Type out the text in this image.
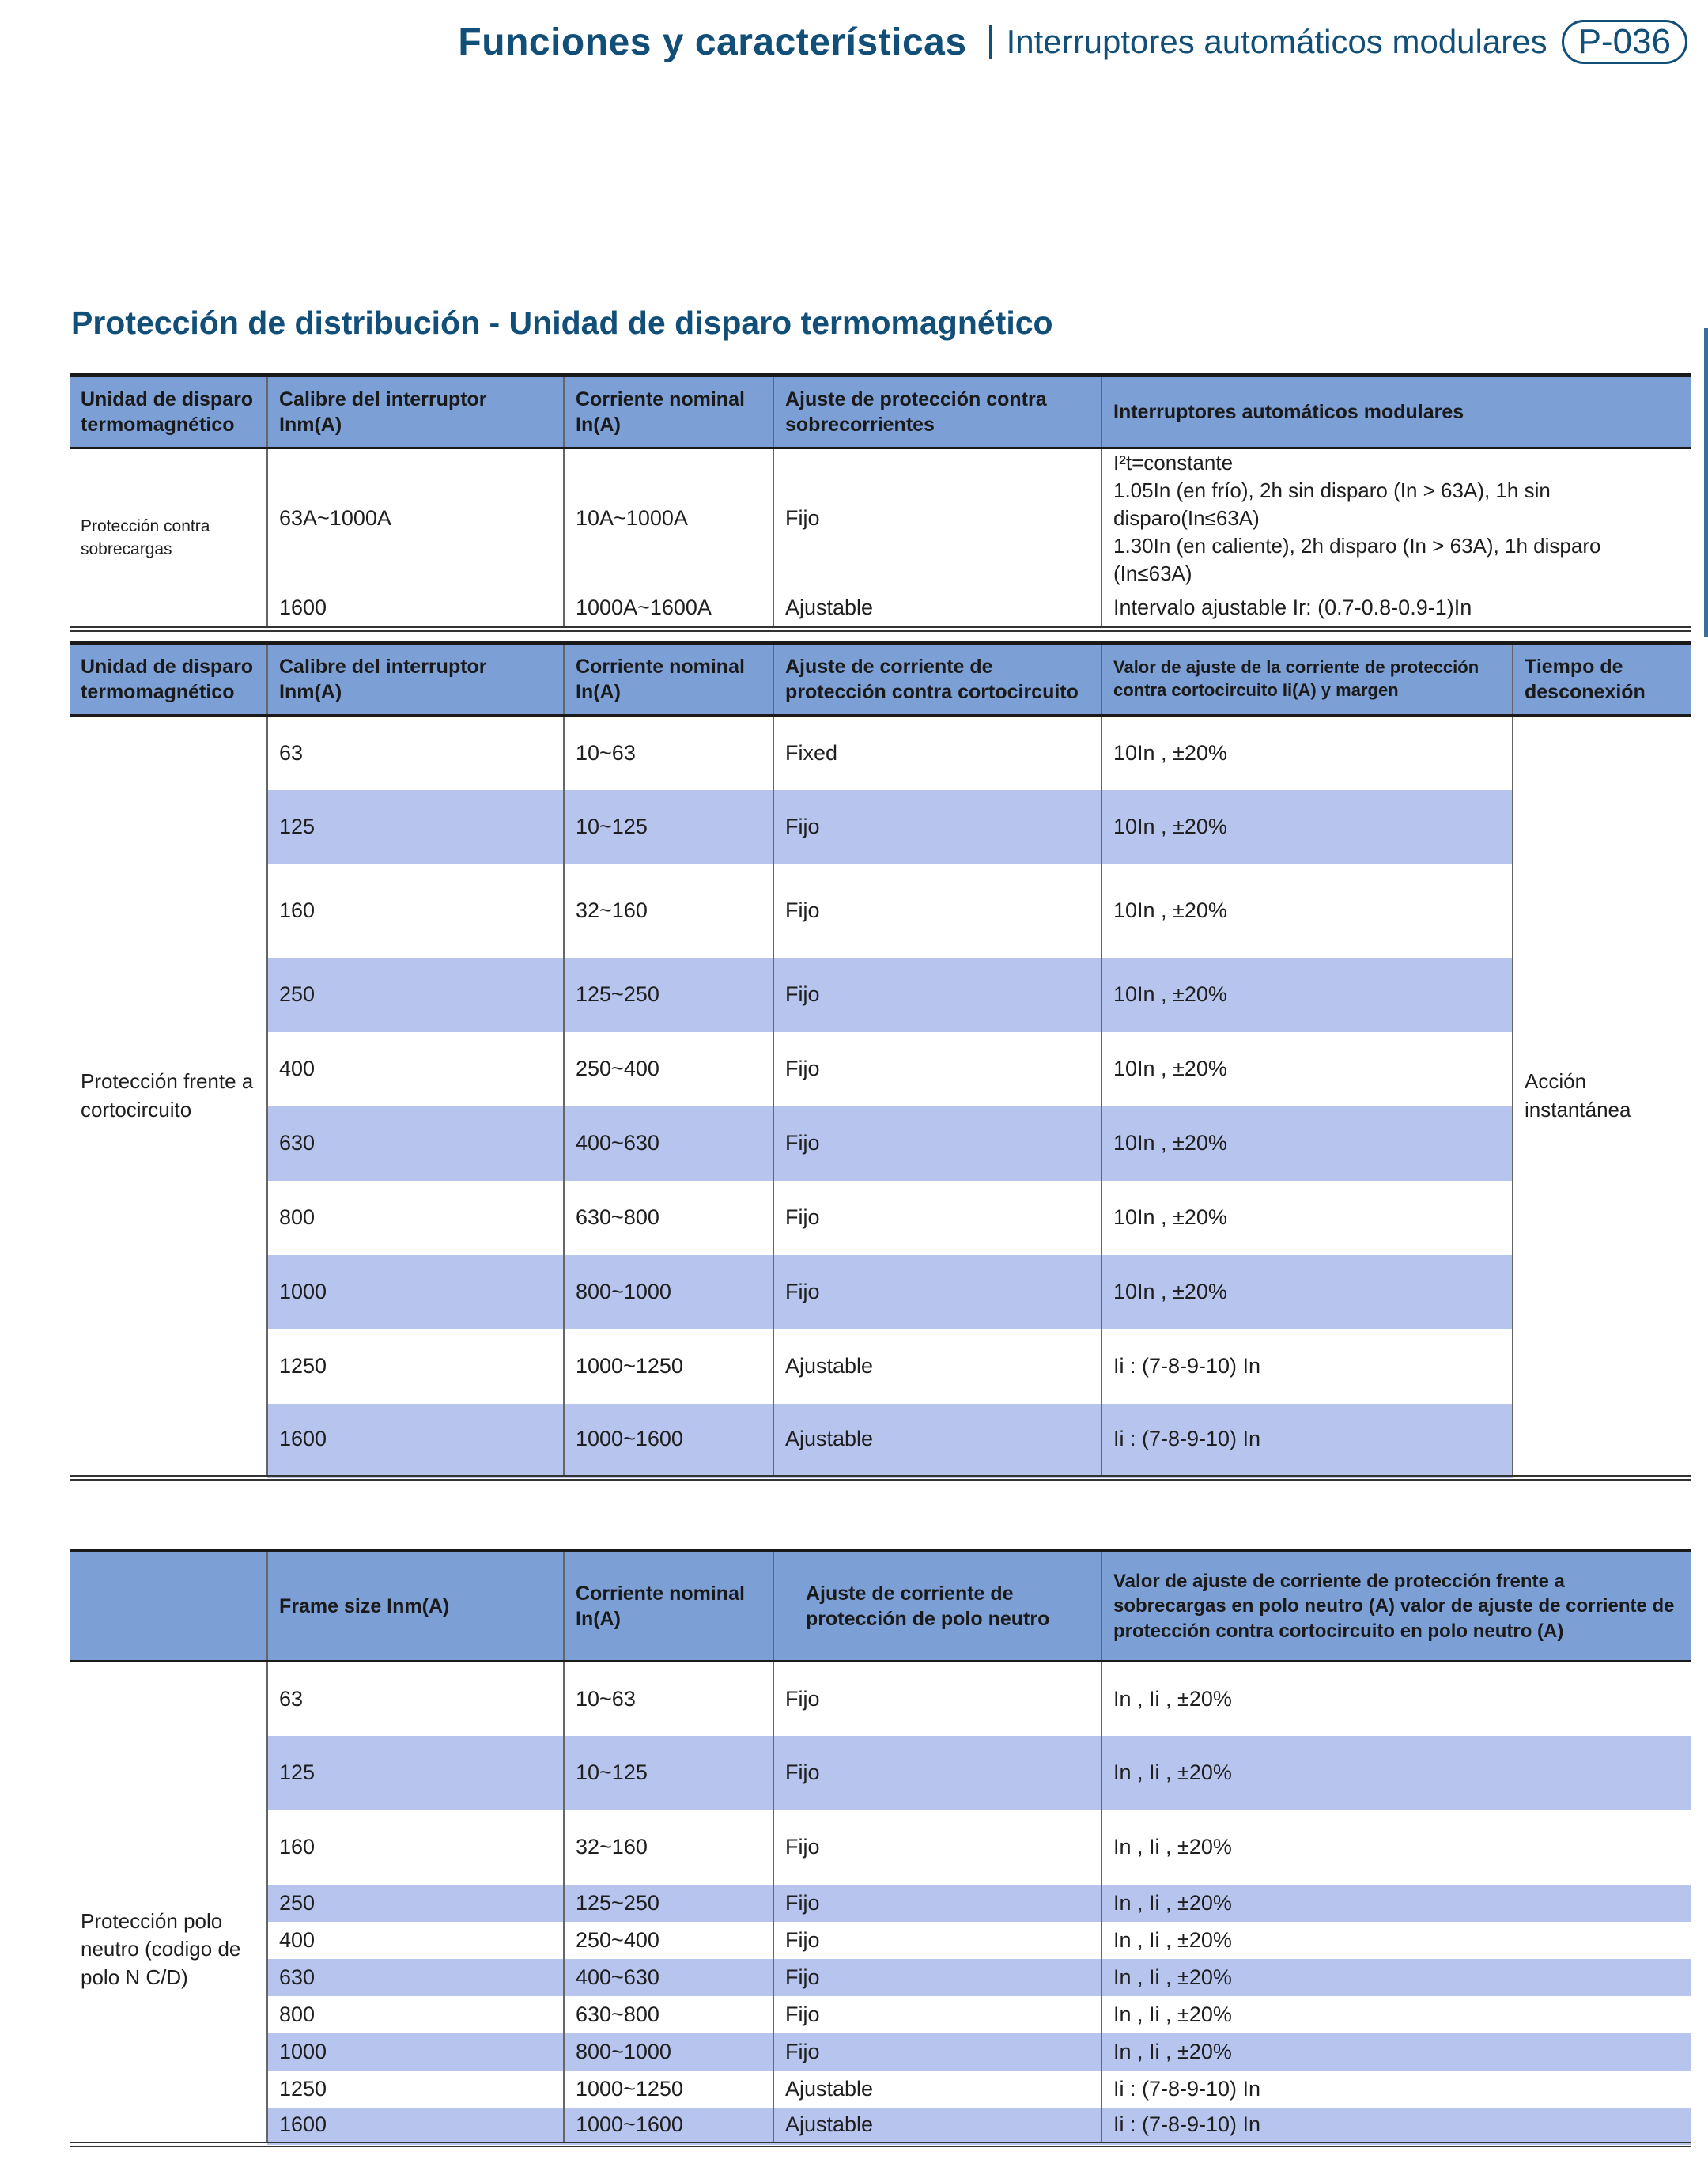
Funciones y características Interruptores automáticos modulares P-036
Protección de distribución - Unidad de disparo termomagnético
Unidad de disparo termomagnético	Calibre del interruptor Inm(A)	Corriente nominal In(A)	Ajuste de protección contra sobrecorrientes	Interruptores automáticos modulares
Protección contra sobrecargas	63A~1000A	10A~1000A	Fijo	I²t=constante
1.05In (en frío), 2h sin disparo (In > 63A), 1h sin disparo(In≤63A)
1.30In (en caliente), 2h disparo (In > 63A), 1h disparo (In≤63A)

	1600	1000A~1600A	Ajustable	Intervalo ajustable Ir: (0.7-0.8-0.9-1)In
Unidad de disparo termomagnético	Calibre del interruptor Inm(A)	Corriente nominal In(A)	Ajuste de corriente de protección contra cortocircuito	Valor de ajuste de la corriente de protección contra cortocircuito Ii(A) y margen	Tiempo de desconexión
Protección frente a cortocircuito	63	10~63	Fixed	10In , ±20%	Acción instantánea
	125	10~125	Fijo	10In , ±20%	
	160	32~160	Fijo	10In , ±20%	
	250	125~250	Fijo	10In , ±20%	
	400	250~400	Fijo	10In , ±20%	
	630	400~630	Fijo	10In , ±20%	
	800	630~800	Fijo	10In , ±20%	
	1000	800~1000	Fijo	10In , ±20%	
	1250	1000~1250	Ajustable	Ii : (7-8-9-10) In	
	1600	1000~1600	Ajustable	Ii : (7-8-9-10) In	
	Frame size Inm(A)	Corriente nominal In(A)	Ajuste de corriente de protección de polo neutro	Valor de ajuste de corriente de protección frente a sobrecargas en polo neutro (A) valor de ajuste de corriente de protección contra cortocircuito en polo neutro (A)
Protección polo neutro (codigo de polo N C/D)	63	10~63	Fijo	In , Ii , ±20%
	125	10~125	Fijo	In , Ii , ±20%
	160	32~160	Fijo	In , Ii , ±20%
	250	125~250	Fijo	In , Ii , ±20%
	400	250~400	Fijo	In , Ii , ±20%
	630	400~630	Fijo	In , Ii , ±20%
	800	630~800	Fijo	In , Ii , ±20%
	1000	800~1000	Fijo	In , Ii , ±20%
	1250	1000~1250	Ajustable	Ii : (7-8-9-10) In
	1600	1000~1600	Ajustable	Ii : (7-8-9-10) In
